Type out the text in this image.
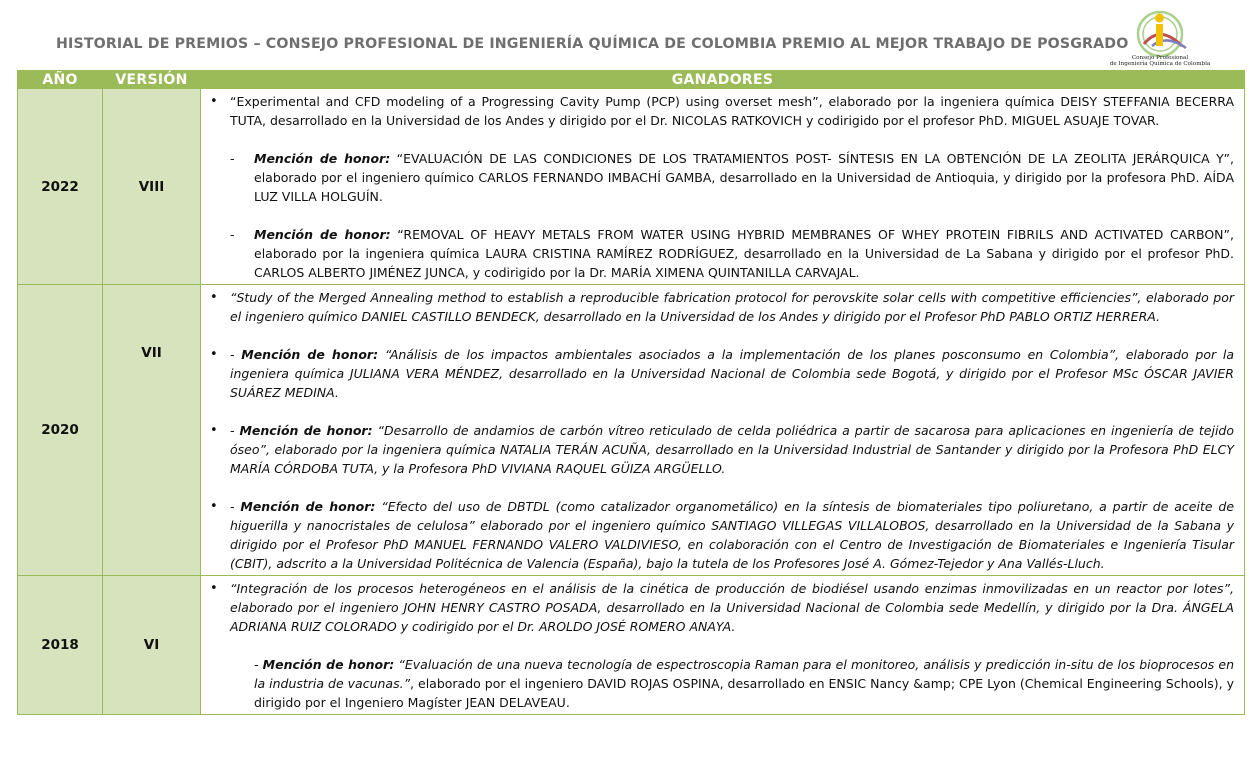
HISTORIAL DE PREMIOS – CONSEJO PROFESIONAL DE INGENIERÍA QUÍMICA DE COLOMBIA PREMIO AL MEJOR TRABAJO DE POSGRADO
Consejo Profesional
de Ingeniería Química de Colombia
AÑO	VERSIÓN	GANADORES
2022	VIII	• “Experimental and CFD modeling of a Progressing Cavity Pump (PCP) using overset mesh”, elaborado por la ingeniera química DEISY STEFFANIA BECERRA TUTA, desarrollado en la Universidad de los Andes y dirigido por el Dr. NICOLAS RATKOVICH y codirigido por el profesor PhD. MIGUEL ASUAJE TOVAR.
- Mención de honor: “EVALUACIÓN DE LAS CONDICIONES DE LOS TRATAMIENTOS POST- SÍNTESIS EN LA OBTENCIÓN DE LA ZEOLITA JERÁRQUICA Y”, elaborado por el ingeniero químico CARLOS FERNANDO IMBACHÍ GAMBA, desarrollado en la Universidad de Antioquia, y dirigido por la profesora PhD. AÍDA LUZ VILLA HOLGUÍN.
- Mención de honor: “REMOVAL OF HEAVY METALS FROM WATER USING HYBRID MEMBRANES OF WHEY PROTEIN FIBRILS AND ACTIVATED CARBON”, elaborado por la ingeniera química LAURA CRISTINA RAMÍREZ RODRÍGUEZ, desarrollado en la Universidad de La Sabana y dirigido por el profesor PhD. CARLOS ALBERTO JIMÉNEZ JUNCA, y codirigido por la Dr. MARÍA XIMENA QUINTANILLA CARVAJAL.

2020	VII	• “Study of the Merged Annealing method to establish a reproducible fabrication protocol for perovskite solar cells with competitive efficiencies”, elaborado por el ingeniero químico DANIEL CASTILLO BENDECK, desarrollado en la Universidad de los Andes y dirigido por el Profesor PhD PABLO ORTIZ HERRERA.
• - Mención de honor: “Análisis de los impactos ambientales asociados a la implementación de los planes posconsumo en Colombia”, elaborado por la ingeniera química JULIANA VERA MÉNDEZ, desarrollado en la Universidad Nacional de Colombia sede Bogotá, y dirigido por el Profesor MSc ÓSCAR JAVIER SUÁREZ MEDINA.
• - Mención de honor: “Desarrollo de andamios de carbón vítreo reticulado de celda poliédrica a partir de sacarosa para aplicaciones en ingeniería de tejido óseo”, elaborado por la ingeniera química NATALIA TERÁN ACUÑA, desarrollado en la Universidad Industrial de Santander y dirigido por la Profesora PhD ELCY MARÍA CÓRDOBA TUTA, y la Profesora PhD VIVIANA RAQUEL GÜIZA ARGÜELLO.
• - Mención de honor: “Efecto del uso de DBTDL (como catalizador organometálico) en la síntesis de biomateriales tipo poliuretano, a partir de aceite de higuerilla y nanocristales de celulosa” elaborado por el ingeniero químico SANTIAGO VILLEGAS VILLALOBOS, desarrollado en la Universidad de la Sabana y dirigido por el Profesor PhD MANUEL FERNANDO VALERO VALDIVIESO, en colaboración con el Centro de Investigación de Biomateriales e Ingeniería Tisular (CBIT), adscrito a la Universidad Politécnica de Valencia (España), bajo la tutela de los Profesores José A. Gómez-Tejedor y Ana Vallés-Lluch.

2018	VI	• “Integración de los procesos heterogéneos en el análisis de la cinética de producción de biodiésel usando enzimas inmovilizadas en un reactor por lotes”, elaborado por el ingeniero JOHN HENRY CASTRO POSADA, desarrollado en la Universidad Nacional de Colombia sede Medellín, y dirigido por la Dra. ÁNGELA ADRIANA RUIZ COLORADO y codirigido por el Dr. AROLDO JOSÉ ROMERO ANAYA.
- Mención de honor: “Evaluación de una nueva tecnología de espectroscopia Raman para el monitoreo, análisis y predicción in-situ de los bioprocesos en la industria de vacunas.”, elaborado por el ingeniero DAVID ROJAS OSPINA, desarrollado en ENSIC Nancy &amp; CPE Lyon (Chemical Engineering Schools), y dirigido por el Ingeniero Magíster JEAN DELAVEAU.
